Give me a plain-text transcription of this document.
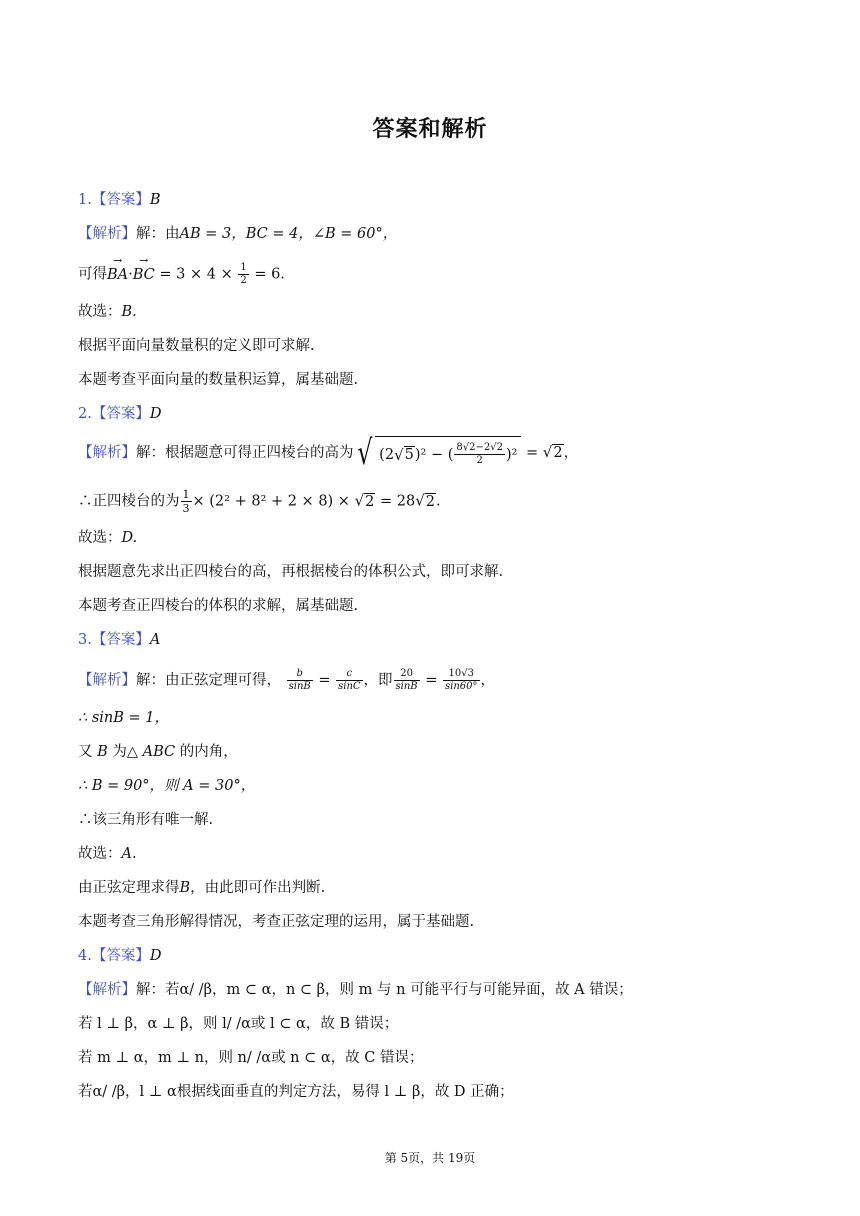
答案和解析
1.【答案】B
【解析】解：由AB = 3，BC = 4，∠B = 60°，
可得→ BA·→ BC = $3 \times 4 \times \frac{1}{2} = 6$.
故选：B.
根据平面向量数量积的定义即可求解.
本题考查平面向量的数量积运算，属基础题.
2.【答案】D
【解析】解：根据题意可得正四棱台的高为 √ (2 √ 5 )² − ( $\frac{8√2-2√2}{2} )^2 = √2$，
∴正四棱台的为 $\frac{1}{3} \times (2^2 + 8^2 + 2 \times 8) \times √2 = 28√2$.
故选：D.
根据题意先求出正四棱台的高，再根据棱台的体积公式，即可求解.
本题考查正四棱台的体积的求解，属基础题.
3.【答案】A
【解析】解：由正弦定理可得， $\frac{b}{\sin B} = \frac{c}{\sin C}$ ，即 $\frac{20}{\sin B} = \frac{10√3}{\sin 60^\circ}$ ，
∴ sinB = 1，
又 B 为△ ABC 的内角，
∴ B = 90°，则 A = 30°，
∴该三角形有唯一解.
故选：A.
由正弦定理求得B，由此即可作出判断.
本题考查三角形解得情况，考查正弦定理的运用，属于基础题.
4.【答案】D
【解析】解：若α/ /β，m ⊂ α，n ⊂ β，则 m 与 n 可能平行与可能异面，故 A 错误；
若 l ⊥ β，α ⊥ β，则 l/ /α或 l ⊂ α，故 B 错误；
若 m ⊥ α，m ⊥ n，则 n/ /α或 n ⊂ α，故 C 错误；
若α/ /β，l ⊥ α根据线面垂直的判定方法，易得 l ⊥ β，故 D 正确；
第 5页，共 19页
